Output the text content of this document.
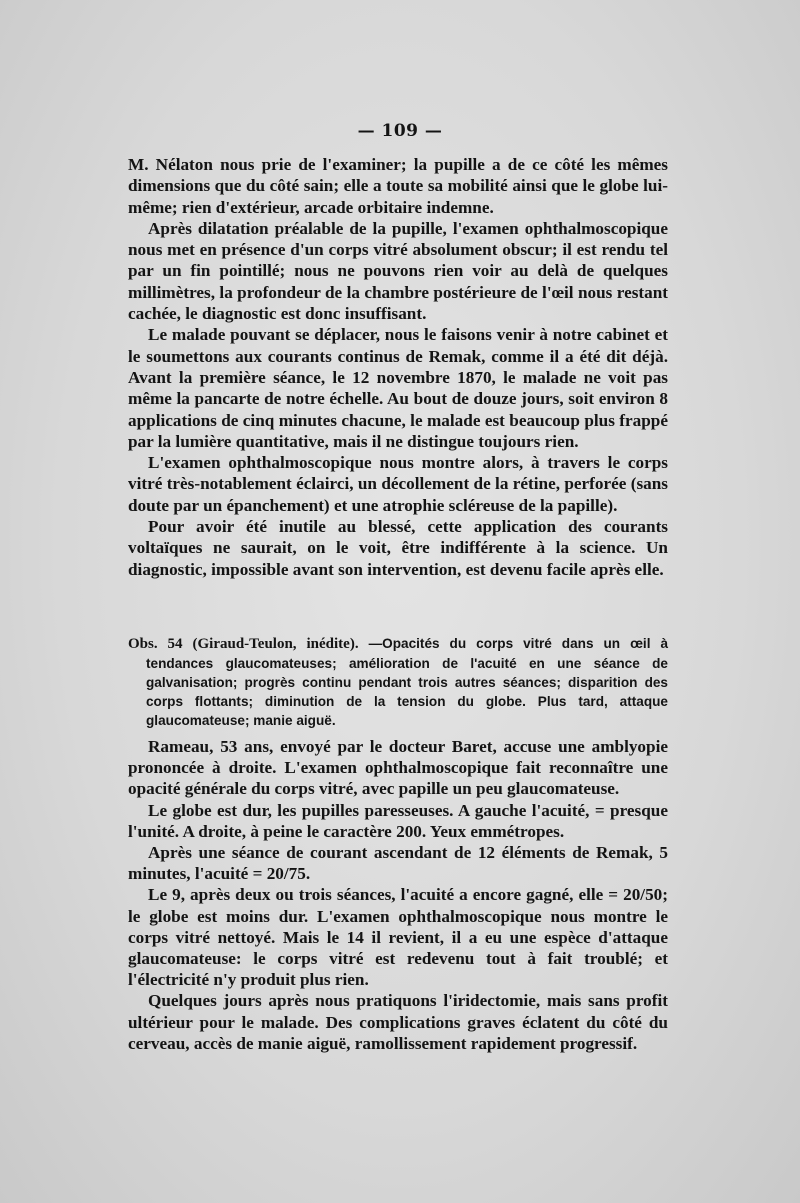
— 109 —

M. Nélaton nous prie de l'examiner; la pupille a de ce côté les mêmes dimensions que du côté sain; elle a toute sa mobilité ainsi que le globe lui-même; rien d'extérieur, arcade orbitaire indemne.

Après dilatation préalable de la pupille, l'examen ophthalmoscopique nous met en présence d'un corps vitré absolument obscur; il est rendu tel par un fin pointillé; nous ne pouvons rien voir au delà de quelques millimètres, la profondeur de la chambre postérieure de l'œil nous restant cachée, le diagnostic est donc insuffisant.

Le malade pouvant se déplacer, nous le faisons venir à notre cabinet et le soumettons aux courants continus de Remak, comme il a été dit déjà. Avant la première séance, le 12 novembre 1870, le malade ne voit pas même la pancarte de notre échelle. Au bout de douze jours, soit environ 8 applications de cinq minutes chacune, le malade est beaucoup plus frappé par la lumière quantitative, mais il ne distingue toujours rien.

L'examen ophthalmoscopique nous montre alors, à travers le corps vitré très-notablement éclairci, un décollement de la rétine, perforée (sans doute par un épanchement) et une atrophie scléreuse de la papille).

Pour avoir été inutile au blessé, cette application des courants voltaïques ne saurait, on le voit, être indifférente à la science. Un diagnostic, impossible avant son intervention, est devenu facile après elle.

Obs. 54 (Giraud-Teulon, inédite). —Opacités du corps vitré dans un œil à tendances glaucomateuses; amélioration de l'acuité en une séance de galvanisation; progrès continu pendant trois autres séances; disparition des corps flottants; diminution de la tension du globe. Plus tard, attaque glaucomateuse; manie aiguë.

Rameau, 53 ans, envoyé par le docteur Baret, accuse une amblyopie prononcée à droite. L'examen ophthalmoscopique fait reconnaître une opacité générale du corps vitré, avec papille un peu glaucomateuse.

Le globe est dur, les pupilles paresseuses. A gauche l'acuité, = presque l'unité. A droite, à peine le caractère 200. Yeux emmétropes.

Après une séance de courant ascendant de 12 éléments de Remak, 5 minutes, l'acuité = 20/75.

Le 9, après deux ou trois séances, l'acuité a encore gagné, elle = 20/50; le globe est moins dur. L'examen ophthalmoscopique nous montre le corps vitré nettoyé. Mais le 14 il revient, il a eu une espèce d'attaque glaucomateuse: le corps vitré est redevenu tout à fait troublé; et l'électricité n'y produit plus rien.

Quelques jours après nous pratiquons l'iridectomie, mais sans profit ultérieur pour le malade. Des complications graves éclatent du côté du cerveau, accès de manie aiguë, ramollissement rapidement progressif.
